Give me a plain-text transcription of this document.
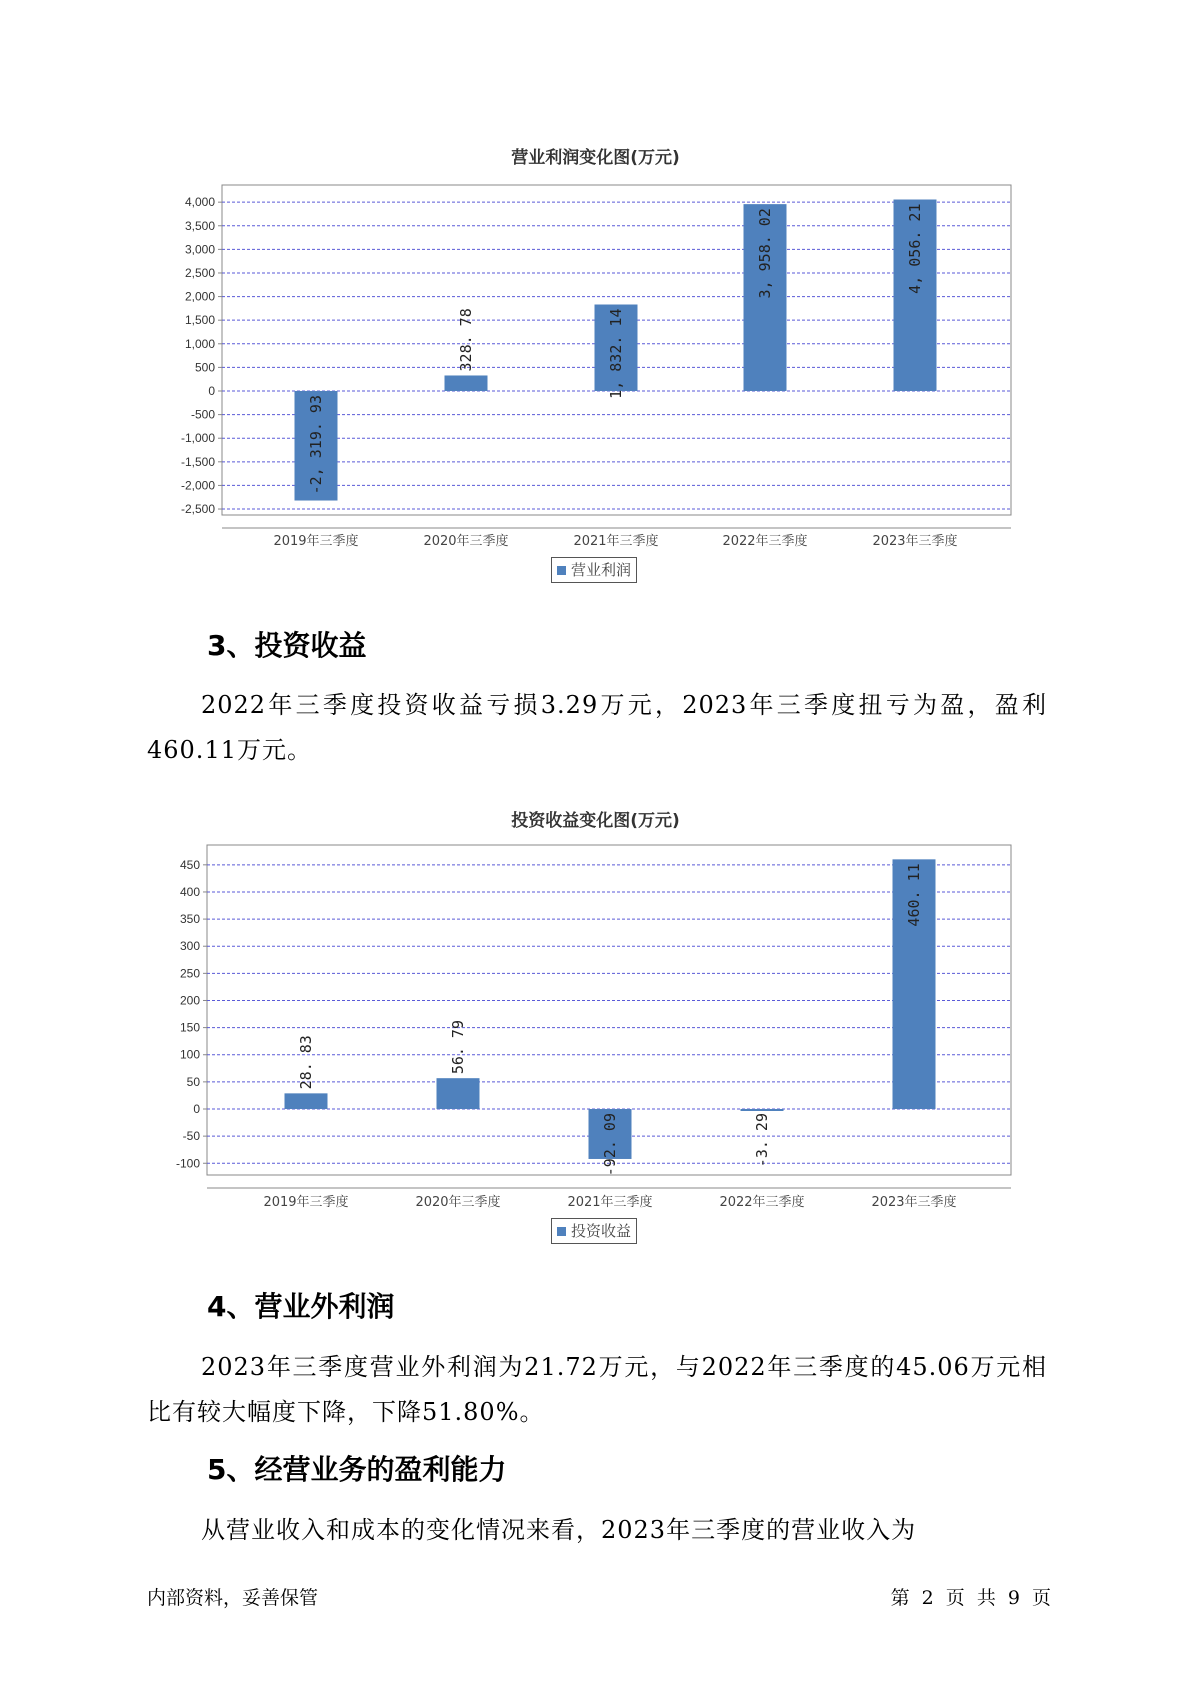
营业利润变化图(万元)
4,000
3,500
3,000
2,500
2,000
1,500
1,000
500
0
-500
-1,000
-1,500
-2,000
-2,500
-2, 319. 93
2019年三季度
328. 78
2020年三季度
1, 832. 14
2021年三季度
3, 958. 02
2022年三季度
4, 056. 21
2023年三季度
营业利润
3、投资收益
2022年三季度投资收益亏损3.29万元，2023年三季度扭亏为盈，盈利460.11万元。
投资收益变化图(万元)
450
400
350
300
250
200
150
100
50
0
-50
-100
28. 83
2019年三季度
56. 79
2020年三季度
-92. 09
2021年三季度
-3. 29
2022年三季度
460. 11
2023年三季度
投资收益
4、营业外利润
2023年三季度营业外利润为21.72万元，与2022年三季度的45.06万元相比有较大幅度下降，下降51.80%。
5、经营业务的盈利能力
从营业收入和成本的变化情况来看，2023年三季度的营业收入为
内部资料，妥善保管	第 2 页 共 9 页
